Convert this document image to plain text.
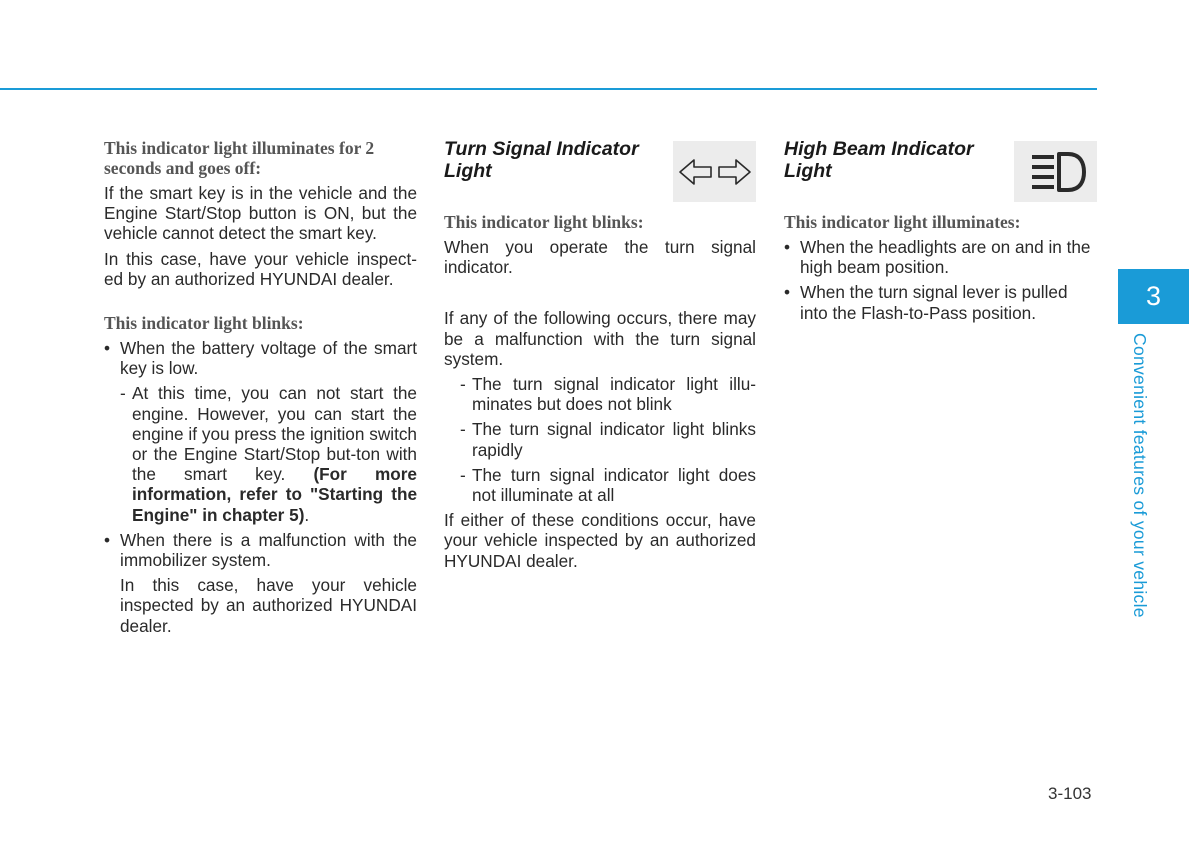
This indicator light illuminates for 2 seconds and goes off:

If the smart key is in the vehicle and the Engine Start/Stop button is ON, but the vehicle cannot detect the smart key.

In this case, have your vehicle inspect-ed by an authorized HYUNDAI dealer.

This indicator light blinks:

• When the battery voltage of the smart key is low.

- At this time, you can not start the engine. However, you can start the engine if you press the ignition switch or the Engine Start/Stop but-ton with the smart key. (For more information, refer to "Starting the Engine" in chapter 5).

• When there is a malfunction with the immobilizer system.

In this case, have your vehicle inspected by an authorized HYUNDAI dealer.

Turn Signal Indicator Light

This indicator light blinks:

When you operate the turn signal indicator.

If any of the following occurs, there may be a malfunction with the turn signal system.

- The turn signal indicator light illu-minates but does not blink

- The turn signal indicator light blinks rapidly

- The turn signal indicator light does not illuminate at all

If either of these conditions occur, have your vehicle inspected by an authorized HYUNDAI dealer.

High Beam Indicator Light

This indicator light illuminates:

• When the headlights are on and in the high beam position.

• When the turn signal lever is pulled into the Flash-to-Pass position.

3
Convenient features of your vehicle
3-103
